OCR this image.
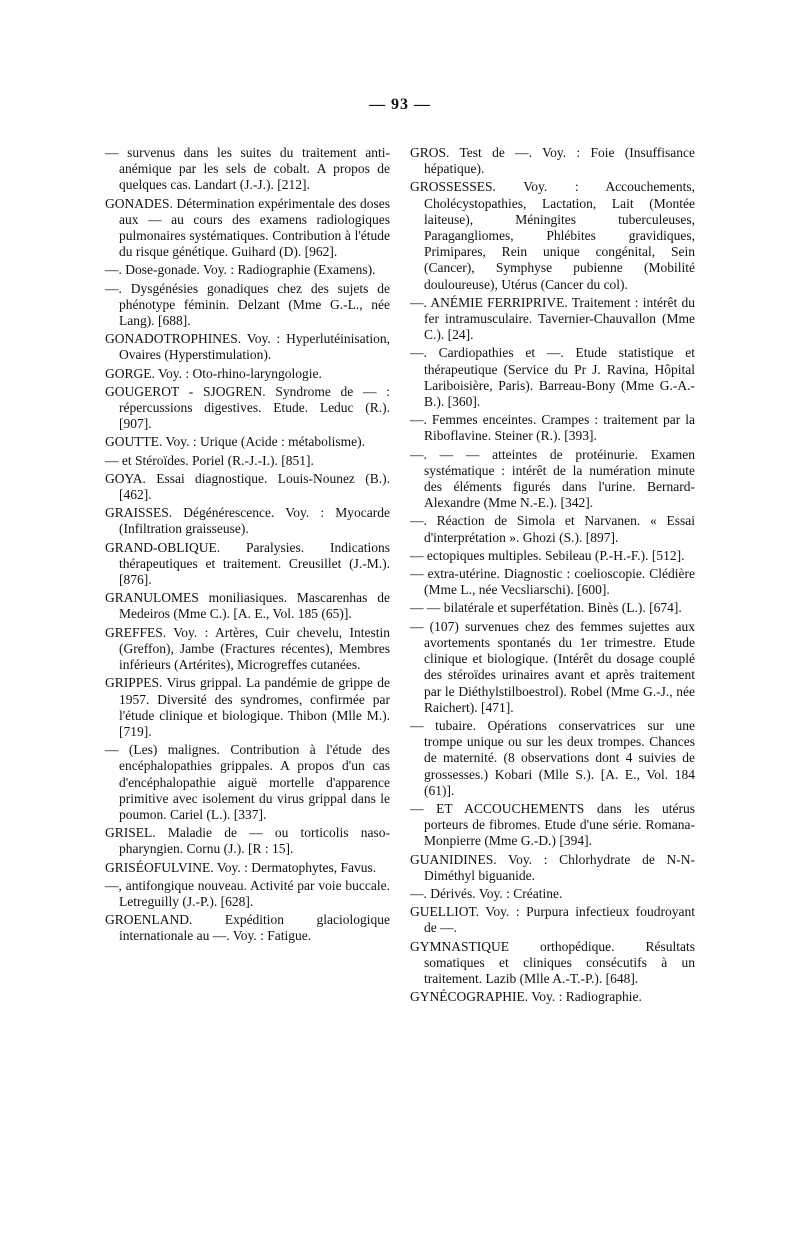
— 93 —

— survenus dans les suites du traitement anti-anémique par les sels de cobalt. A propos de quelques cas. Landart (J.-J.). [212].

GONADES. Détermination expérimentale des doses aux — au cours des examens radiologiques pulmonaires systématiques. Contribution à l'étude du risque génétique. Guihard (D). [962].

—. Dose-gonade. Voy. : Radiographie (Examens).

—. Dysgénésies gonadiques chez des sujets de phénotype féminin. Delzant (Mme G.-L., née Lang). [688].

GONADOTROPHINES. Voy. : Hyperlutéinisation, Ovaires (Hyperstimulation).

GORGE. Voy. : Oto-rhino-laryngologie.

GOUGEROT - SJOGREN. Syndrome de — : répercussions digestives. Etude. Leduc (R.). [907].

GOUTTE. Voy. : Urique (Acide : métabolisme).

— et Stéroïdes. Poriel (R.-J.-I.). [851].

GOYA. Essai diagnostique. Louis-Nounez (B.). [462].

GRAISSES. Dégénérescence. Voy. : Myocarde (Infiltration graisseuse).

GRAND-OBLIQUE. Paralysies. Indications thérapeutiques et traitement. Creusillet (J.-M.). [876].

GRANULOMES moniliasiques. Mascarenhas de Medeiros (Mme C.). [A. E., Vol. 185 (65)].

GREFFES. Voy. : Artères, Cuir chevelu, Intestin (Greffon), Jambe (Fractures récentes), Membres inférieurs (Artérites), Microgreffes cutanées.

GRIPPES. Virus grippal. La pandémie de grippe de 1957. Diversité des syndromes, confirmée par l'étude clinique et biologique. Thibon (Mlle M.). [719].

— (Les) malignes. Contribution à l'étude des encéphalopathies grippales. A propos d'un cas d'encéphalopathie aiguë mortelle d'apparence primitive avec isolement du virus grippal dans le poumon. Cariel (L.). [337].

GRISEL. Maladie de — ou torticolis naso-pharyngien. Cornu (J.). [R : 15].

GRISÉOFULVINE. Voy. : Dermatophytes, Favus.

—, antifongique nouveau. Activité par voie buccale. Letreguilly (J.-P.). [628].

GROENLAND. Expédition glaciologique internationale au —. Voy. : Fatigue.

GROS. Test de —. Voy. : Foie (Insuffisance hépatique).

GROSSESSES. Voy. : Accouchements, Cholécystopathies, Lactation, Lait (Montée laiteuse), Méningites tuberculeuses, Paragangliomes, Phlébites gravidiques, Primipares, Rein unique congénital, Sein (Cancer), Symphyse pubienne (Mobilité douloureuse), Utérus (Cancer du col).

—. ANÉMIE FERRIPRIVE. Traitement : intérêt du fer intramusculaire. Tavernier-Chauvallon (Mme C.). [24].

—. Cardiopathies et —. Etude statistique et thérapeutique (Service du Pr J. Ravina, Hôpital Lariboisière, Paris). Barreau-Bony (Mme G.-A.-B.). [360].

—. Femmes enceintes. Crampes : traitement par la Riboflavine. Steiner (R.). [393].

—. — — atteintes de protéinurie. Examen systématique : intérêt de la numération minute des éléments figurés dans l'urine. Bernard-Alexandre (Mme N.-E.). [342].

—. Réaction de Simola et Narvanen. « Essai d'interprétation ». Ghozi (S.). [897].

— ectopiques multiples. Sebileau (P.-H.-F.). [512].

— extra-utérine. Diagnostic : coelioscopie. Clédière (Mme L., née Vecsliarschi). [600].

— — bilatérale et superfétation. Binès (L.). [674].

— (107) survenues chez des femmes sujettes aux avortements spontanés du 1er trimestre. Etude clinique et biologique. (Intérêt du dosage couplé des stéroïdes urinaires avant et après traitement par le Diéthylstilboestrol). Robel (Mme G.-J., née Raichert). [471].

— tubaire. Opérations conservatrices sur une trompe unique ou sur les deux trompes. Chances de maternité. (8 observations dont 4 suivies de grossesses.) Kobari (Mlle S.). [A. E., Vol. 184 (61)].

— ET ACCOUCHEMENTS dans les utérus porteurs de fibromes. Etude d'une série. Romana-Monpierre (Mme G.-D.) [394].

GUANIDINES. Voy. : Chlorhydrate de N-N-Diméthyl biguanide.

—. Dérivés. Voy. : Créatine.

GUELLIOT. Voy. : Purpura infectieux foudroyant de —.

GYMNASTIQUE orthopédique. Résultats somatiques et cliniques consécutifs à un traitement. Lazib (Mlle A.-T.-P.). [648].

GYNÉCOGRAPHIE. Voy. : Radiographie.
